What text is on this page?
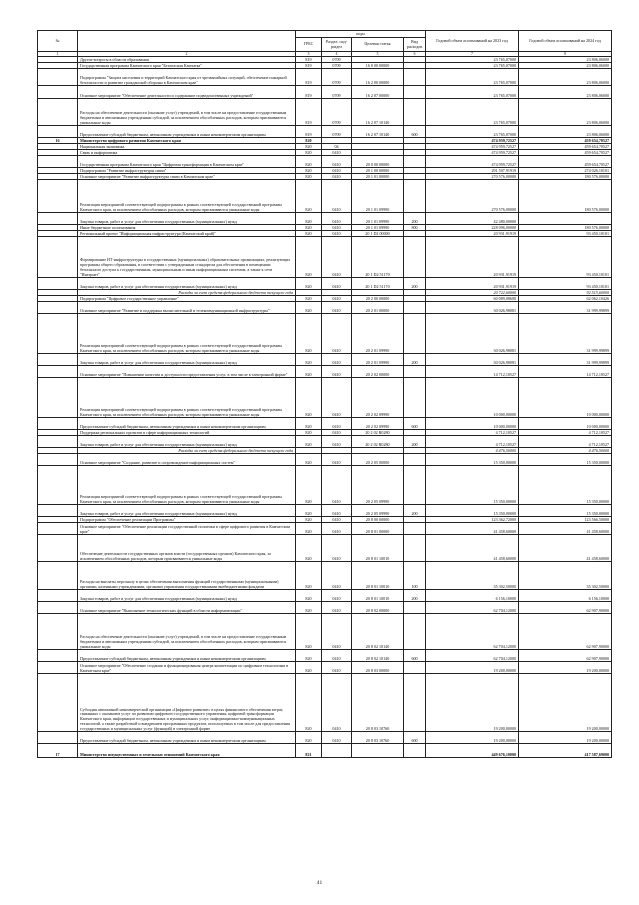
№		коды				Годовой объем ассигнований на 2023 год	Годовой объем ассигнований на 2024 год
		ГРБС	Раздел, под-раздел	Целевая статья	Вид расходов		
1	2	3	4	5	6	7	8
	Другие вопросы в области образования	819	0709			23 765,07000	23 806,06000
	Государственная программа Камчатского края "Безопасная Камчатка"	819	0709	16 0 00 00000		23 765,07000	23 806,06000
	Подпрограмма "Защита населения и территорий Камчатского края от чрезвычайных ситуаций, обеспечение пожарной безопасности и развитие гражданской обороны в Камчатском крае"	819	0709	16 2 00 00000		23 765,07000	23 806,06000
	Основное мероприятие "Обеспечение деятельности и содержание подведомственных учреждений"	819	0709	16 2 07 00000		23 765,07000	23 806,06000
	Расходы на обеспечение деятельности (оказание услуг) учреждений, в том числе на предоставление государственным бюджетным и автономным учреждениям субсидий, за исключением обособленных расходов, которым присваиваются уникальные коды	819	0709	16 2 07 10140		23 765,07000	23 806,06000
	Предоставление субсидий бюджетным, автономным учреждениям и иным некоммерческим организациям	819	0709	16 2 07 10140	600	23 765,07000	23 806,06000
16	Министерство цифрового развития Камчатского края	820				474 959,72527	459 654,70527
	Национальная экономика	820	04			474 959,72527	459 654,70527
	Связь и информатика	820	0410			474 959,72527	459 654,70527
	Государственная программа Камчатского края "Цифровая трансформация в Камчатском крае"	820	0410	20 0 00 00000		474 959,72527	459 654,70527
	Подпрограмма "Развитие инфраструктуры связи"	820	0410	20 1 00 00000		291 507,91919	274 026,10101
	Основное мероприятие "Развитие инфраструктуры связи в Камчатском крае"	820	0410	20 1 01 00000		270 576,00000	180 576,00000
	Реализация мероприятий соответствующей подпрограммы в рамках соответствующей государственной программы Камчатского края, за исключением обособленных расходов, которым присваиваются уникальные коды	820	0410	20 1 01 09990		270 576,00000	180 576,00000
	Закупка товаров, работ и услуг для обеспечения государственных (муниципальных) нужд	820	0410	20 1 01 09990	200	42 480,00000	
	Иные бюджетные ассигнования	820	0410	20 1 01 09990	800	228 096,00000	180 576,00000
	Региональный проект "Информационная инфраструктура (Камчатский край)"	820	0410	20 1 D2 00000		20 931,91919	93 450,10101
	Формирование ИТ-инфраструктуры в государственных (муниципальных) образовательных организациях, реализующих программы общего образования, в соответствии с утвержденным стандартом для обеспечения в помещениях безопасного доступа к государственным, муниципальным и иным информационным системам, а также к сети "Интернет"	820	0410	20 1 D2 51170		20 931,91919	93 450,10101
	Закупка товаров, работ и услуг для обеспечения государственных (муниципальных) нужд	820	0410	20 1 D2 51170	200	20 931,91919	93 450,10101
	Расходы за счет средств федерального бюджета текущего года					20 722,60000	92 515,60000
	Подпрограмма "Цифровое государственное управление"	820	0410	20 2 00 00000		60 089,08608	62 062,10426
	Основное мероприятие "Развитие и поддержка вычислительной и телекоммуникационной инфраструктуры"	820	0410	20 2 01 00000		30 026,98081	31 999,99899
	Реализация мероприятий соответствующей подпрограммы в рамках соответствующей государственной программы Камчатского края, за исключением обособленных расходов, которым присваиваются уникальные коды	820	0410	20 2 01 09990		30 026,98081	31 999,99899
	Закупка товаров, работ и услуг для обеспечения государственных (муниципальных) нужд	820	0410	20 2 01 09990	200	30 026,98081	31 999,99899
	Основное мероприятие "Повышение качества и доступности предоставления услуг, в том числе в электронной форме"	820	0410	20 2 02 00000		14 712,10527	14 712,10527
	Реализация мероприятий соответствующей подпрограммы в рамках соответствующей государственной программы Камчатского края, за исключением обособленных расходов, которым присваиваются уникальные коды	820	0410	20 2 02 09990		10 000,00000	10 000,00000
	Предоставление субсидий бюджетным, автономным учреждениям и иным некоммерческим организациям	820	0410	20 2 02 09990	600	10 000,00000	10 000,00000
	Поддержка региональных проектов в сфере информационных технологий	820	0410	20 2 02 R0280		4 712,10527	4 712,10527
	Закупка товаров, работ и услуг для обеспечения государственных (муниципальных) нужд	820	0410	20 2 02 R0280	200	4 712,10527	4 712,10527
	Расходы за счет средств федерального бюджета текущего года					4 476,50000	4 476,50000
	Основное мероприятие "Создание, развитие и сопровождение информационных систем"	820	0410	20 2 05 00000		15 350,00000	15 350,00000
	Реализация мероприятий соответствующей подпрограммы в рамках соответствующей государственной программы Камчатского края, за исключением обособленных расходов, которым присваиваются уникальные коды	820	0410	20 2 05 09990		15 350,00000	15 350,00000
	Закупка товаров, работ и услуг для обеспечения государственных (муниципальных) нужд	820	0410	20 2 05 09990	200	15 350,00000	15 350,00000
	Подпрограмма "Обеспечение реализации Программы"	820	0410	20 8 00 00000		123 362,72000	123 566,50000
	Основное мероприятие "Обеспечение реализации государственной политики в сфере цифрового развития в Камчатском крае"	820	0410	20 8 01 00000		41 458,60000	41 458,60000
	Обеспечение деятельности государственных органов власти (государственных органов) Камчатского края, за исключением обособленных расходов, которым присваиваются уникальные коды	820	0410	20 8 01 10010		41 458,60000	41 458,60000
	Расходы на выплаты персоналу в целях обеспечения выполнения функций государственными (муниципальными) органами, казенными учреждениями, органами управления государственными внебюджетными фондами	820	0410	20 8 01 10010	100	35 302,50000	35 302,50000
	Закупка товаров, работ и услуг для обеспечения государственных (муниципальных) нужд	820	0410	20 8 01 10010	200	6 156,10000	6 156,10000
	Основное мероприятие "Выполнение технологических функций в области информатизации"	820	0410	20 8 02 00000		62 704,12000	62 907,90000
	Расходы на обеспечение деятельности (оказание услуг) учреждений, в том числе на предоставление государственным бюджетным и автономным учреждениям субсидий, за исключением обособленных расходов, которым присваиваются уникальные коды	820	0410	20 8 02 10140		62 704,12000	62 907,90000
	Предоставление субсидий бюджетным, автономным учреждениям и иным некоммерческим организациям	820	0410	20 8 02 10140	600	62 704,12000	62 907,90000
	Основное мероприятие "Обеспечение создания и функционирования центра компетенции по цифровым технологиям в Камчатском крае"	820	0410	20 8 03 00000		19 200,00000	19 200,00000
	Субсидия автономной некоммерческой организации «Цифровое развитие» в целях финансового обеспечения затрат, связанных с оказанием услуг по развитию цифрового государственного управления, цифровой трансформации Камчатского края, информации государственных и муниципальных услуг, информационно-коммуникационных технологий, а также разработкой и внедрением программных продуктов, используемых в том числе для предоставления государственных и муниципальных услуг (функций) в электронной форме	820	0410	20 8 03 10760		19 200,00000	19 200,00000
	Предоставление субсидий бюджетным, автономным учреждениям и иным некоммерческим организациям	820	0410	20 8 03 10760	600	19 200,00000	19 200,00000
17	Министерство имущественных и земельных отношений Камчатского края	821				449 676,10000	417 587,69000
41
